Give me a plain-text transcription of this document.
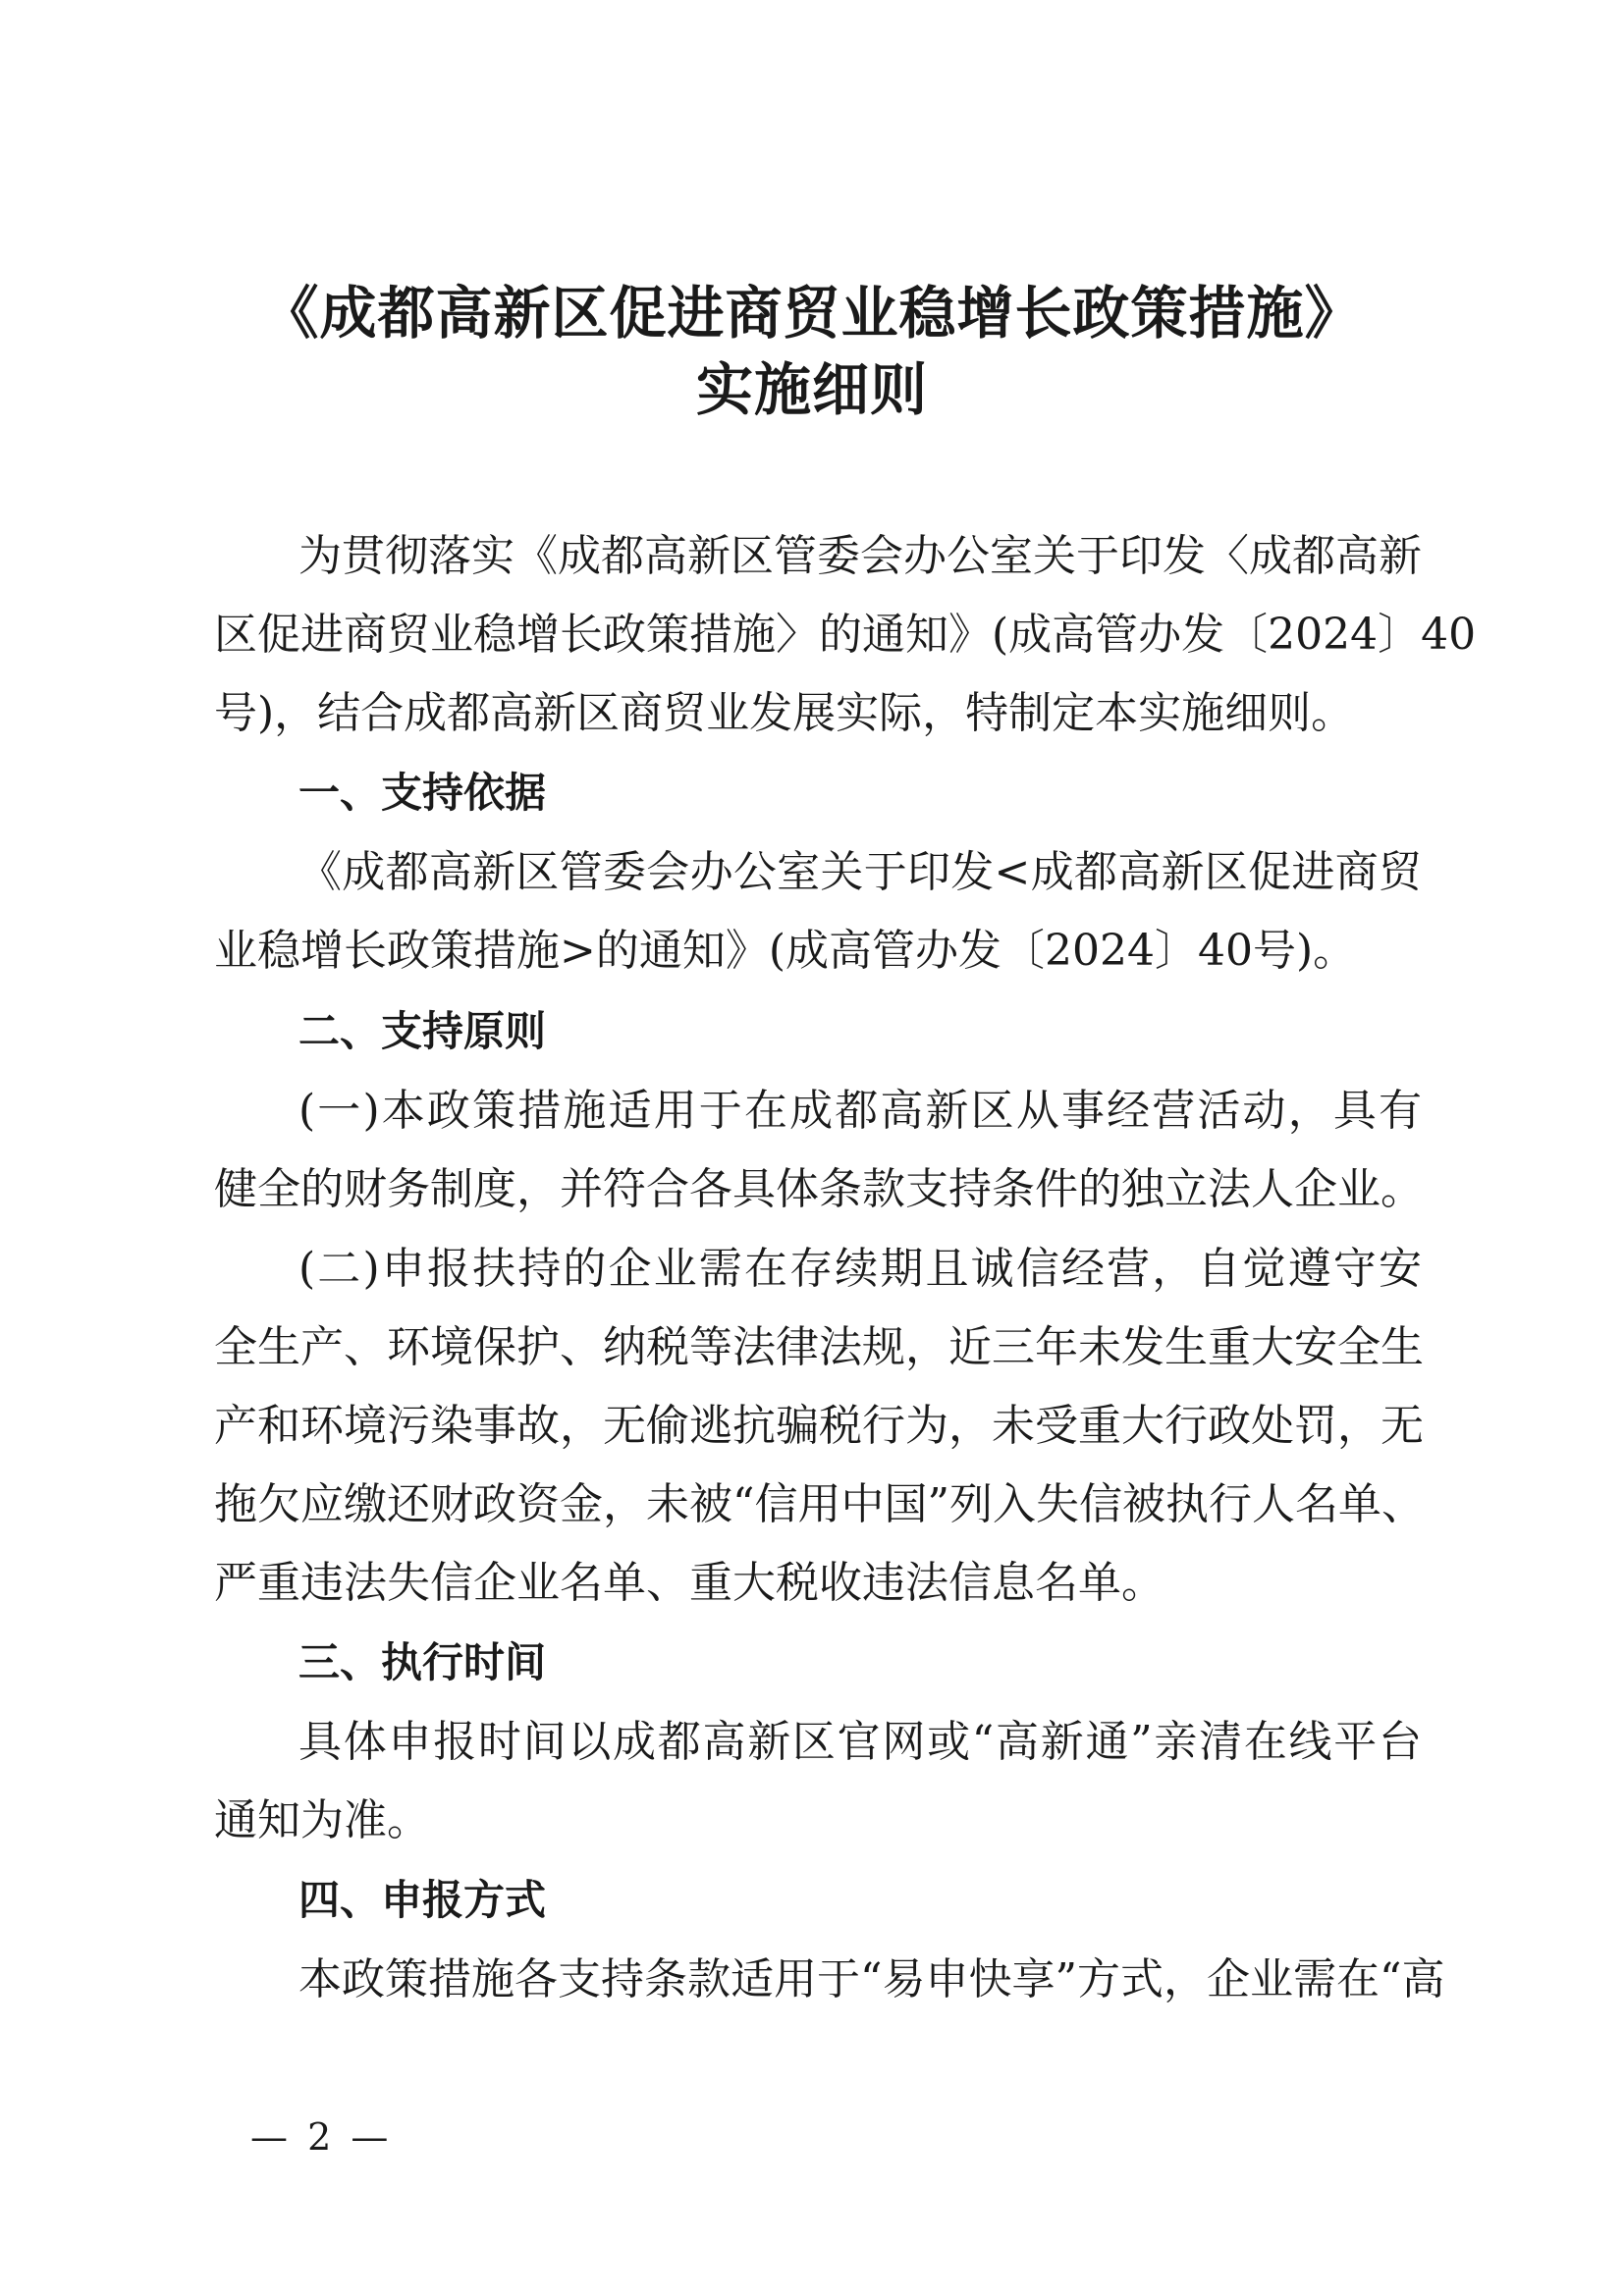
《成都高新区促进商贸业稳增长政策措施》
实施细则
为贯彻落实《成都高新区管委会办公室关于印发〈成都高新
区促进商贸业稳增长政策措施〉的通知》(成高管办发〔2024〕40
号)，结合成都高新区商贸业发展实际，特制定本实施细则。
一、支持依据
《成都高新区管委会办公室关于印发<成都高新区促进商贸
业稳增长政策措施>的通知》(成高管办发〔2024〕40号)。
二、支持原则
(一)本政策措施适用于在成都高新区从事经营活动，具有
健全的财务制度，并符合各具体条款支持条件的独立法人企业。
(二)申报扶持的企业需在存续期且诚信经营，自觉遵守安
全生产、环境保护、纳税等法律法规，近三年未发生重大安全生
产和环境污染事故，无偷逃抗骗税行为，未受重大行政处罚，无
拖欠应缴还财政资金，未被“信用中国”列入失信被执行人名单、
严重违法失信企业名单、重大税收违法信息名单。
三、执行时间
具体申报时间以成都高新区官网或“高新通”亲清在线平台
通知为准。
四、申报方式
本政策措施各支持条款适用于“易申快享”方式，企业需在“高
— 2 —
